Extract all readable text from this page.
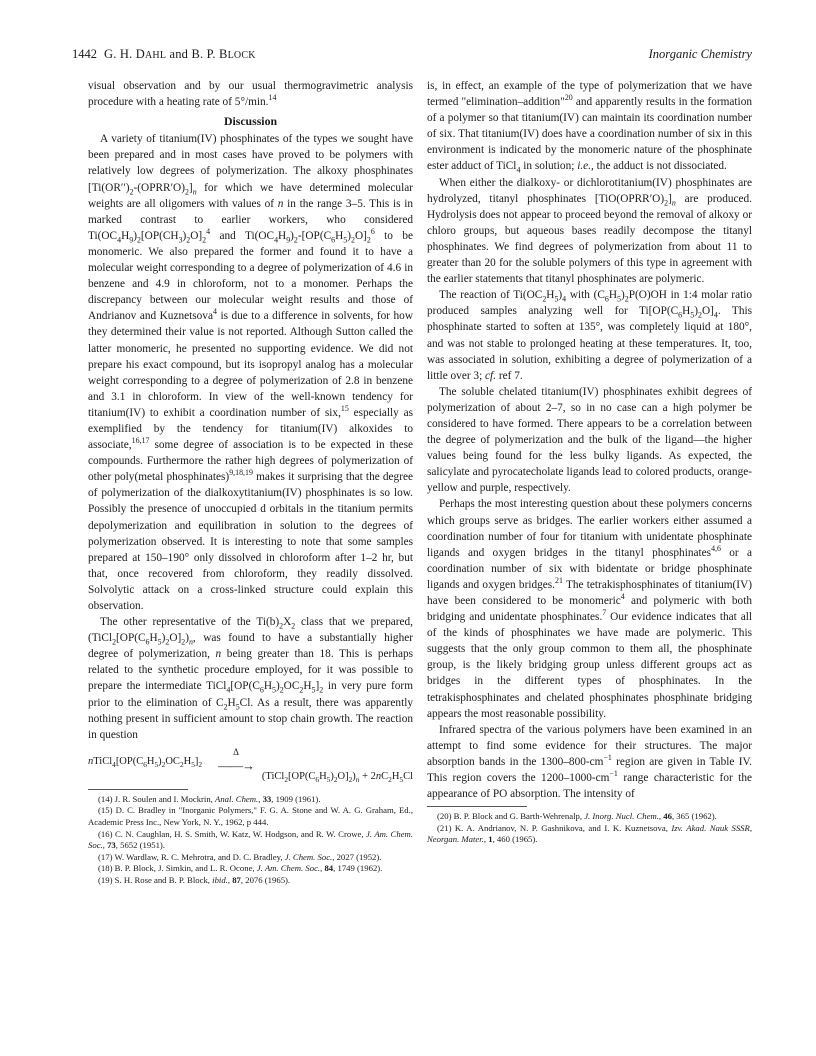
1442 G. H. DAHL and B. P. BLOCK	Inorganic Chemistry

visual observation and by our usual thermogravimetric analysis procedure with a heating rate of 5°/min.$^{14}$

Discussion

A variety of titanium(IV) phosphinates of the types we sought have been prepared and in most cases have proved to be polymers with relatively low degrees of polymerization. The alkoxy phosphinates $[Ti(OR'')_2-(OPRR'O)_2]_n$ for which we have determined molecular weights are all oligomers with values of n in the range 3–5. This is in marked contrast to earlier workers, who considered $Ti(OC_4H_9)_2[OP(CH_3)_2O]_2^4$ and $Ti(OC_4H_9)_2-[OP(C_6H_5)_2O]_2^6$ to be monomeric. We also prepared the former and found it to have a molecular weight corresponding to a degree of polymerization of 4.6 in benzene and 4.9 in chloroform, not to a monomer. Perhaps the discrepancy between our molecular weight results and those of Andrianov and Kuznetsova$^4$ is due to a difference in solvents, for how they determined their value is not reported. Although Sutton called the latter monomeric, he presented no supporting evidence. We did not prepare his exact compound, but its isopropyl analog has a molecular weight corresponding to a degree of polymerization of 2.8 in benzene and 3.1 in chloroform. In view of the well-known tendency for titanium(IV) to exhibit a coordination number of six,$^{15}$ especially as exemplified by the tendency for titanium(IV) alkoxides to associate,$^{16,17}$ some degree of association is to be expected in these compounds. Furthermore the rather high degrees of polymerization of other poly(metal phosphinates)$^{9,18,19}$ makes it surprising that the degree of polymerization of the dialkoxytitanium(IV) phosphinates is so low. Possibly the presence of unoccupied d orbitals in the titanium permits depolymerization and equilibration in solution to the degrees of polymerization observed. It is interesting to note that some samples prepared at 150–190° only dissolved in chloroform after 1–2 hr, but that, once recovered from chloroform, they readily dissolved. Solvolytic attack on a cross-linked structure could explain this observation.

The other representative of the $Ti(b)_2X_2$ class that we prepared, $(TiCl_2[OP(C_6H_5)_2O]_2)_n$, was found to have a substantially higher degree of polymerization, n being greater than 18. This is perhaps related to the synthetic procedure employed, for it was possible to prepare the intermediate $TiCl_4[OP(C_6H_5)_2OC_2H_5]_2$ in very pure form prior to the elimination of $C_2H_5Cl$. As a result, there was apparently nothing present in sufficient amount to stop chain growth. The reaction in question

$nTiCl_4[OP(C_6H_5)_2OC_2H_5]_2$
Δ
——→
$(TiCl_2[OP(C_6H_5)_2O]_2)_n + 2nC_2H_5Cl$

(14) J. R. Soulen and I. Mockrin, Anal. Chem., 33, 1909 (1961).

(15) D. C. Bradley in "Inorganic Polymers," F. G. A. Stone and W. A. G. Graham, Ed., Academic Press Inc., New York, N. Y., 1962, p 444.

(16) C. N. Caughlan, H. S. Smith, W. Katz, W. Hodgson, and R. W. Crowe, J. Am. Chem. Soc., 73, 5652 (1951).

(17) W. Wardlaw, R. C. Mehrotra, and D. C. Bradley, J. Chem. Soc., 2027 (1952).

(18) B. P. Block, J. Simkin, and L. R. Ocone, J. Am. Chem. Soc., 84, 1749 (1962).

(19) S. H. Rose and B. P. Block, ibid., 87, 2076 (1965).

is, in effect, an example of the type of polymerization that we have termed "elimination–addition"$^{20}$ and apparently results in the formation of a polymer so that titanium(IV) can maintain its coordination number of six. That titanium(IV) does have a coordination number of six in this environment is indicated by the monomeric nature of the phosphinate ester adduct of TiCl$_4$ in solution; i.e., the adduct is not dissociated.

When either the dialkoxy- or dichlorotitanium(IV) phosphinates are hydrolyzed, titanyl phosphinates $[TiO(OPRR'O)_2]_n$ are produced. Hydrolysis does not appear to proceed beyond the removal of alkoxy or chloro groups, but aqueous bases readily decompose the titanyl phosphinates. We find degrees of polymerization from about 11 to greater than 20 for the soluble polymers of this type in agreement with the earlier statements that titanyl phosphinates are polymeric.

The reaction of $Ti(OC_2H_5)_4$ with $(C_6H_5)_2P(O)OH$ in 1:4 molar ratio produced samples analyzing well for $Ti[OP(C_6H_5)_2O]_4$. This phosphinate started to soften at 135°, was completely liquid at 180°, and was not stable to prolonged heating at these temperatures. It, too, was associated in solution, exhibiting a degree of polymerization of a little over 3; cf. ref 7.

The soluble chelated titanium(IV) phosphinates exhibit degrees of polymerization of about 2–7, so in no case can a high polymer be considered to have formed. There appears to be a correlation between the degree of polymerization and the bulk of the ligand—the higher values being found for the less bulky ligands. As expected, the salicylate and pyrocatecholate ligands lead to colored products, orange-yellow and purple, respectively.

Perhaps the most interesting question about these polymers concerns which groups serve as bridges. The earlier workers either assumed a coordination number of four for titanium with unidentate phosphinate ligands and oxygen bridges in the titanyl phosphinates$^{4,6}$ or a coordination number of six with bidentate or bridge phosphinate ligands and oxygen bridges.$^{21}$ The tetrakisphosphinates of titanium(IV) have been considered to be monomeric$^4$ and polymeric with both bridging and unidentate phosphinates.$^7$ Our evidence indicates that all of the kinds of phosphinates we have made are polymeric. This suggests that the only group common to them all, the phosphinate group, is the likely bridging group unless different groups act as bridges in the different types of phosphinates. In the tetrakisphosphinates and chelated phosphinates phosphinate bridging appears the most reasonable possibility.

Infrared spectra of the various polymers have been examined in an attempt to find some evidence for their structures. The major absorption bands in the $1300-800-cm^{-1}$ region are given in Table IV. This region covers the $1200-1000-cm^{-1}$ range characteristic for the appearance of PO absorption. The intensity of

(20) B. P. Block and G. Barth-Wehrenalp, J. Inorg. Nucl. Chem., 46, 365 (1962).

(21) K. A. Andrianov, N. P. Gashnikova, and I. K. Kuznetsova, Izv. Akad. Nauk SSSR, Neorgan. Mater., 1, 460 (1965).
